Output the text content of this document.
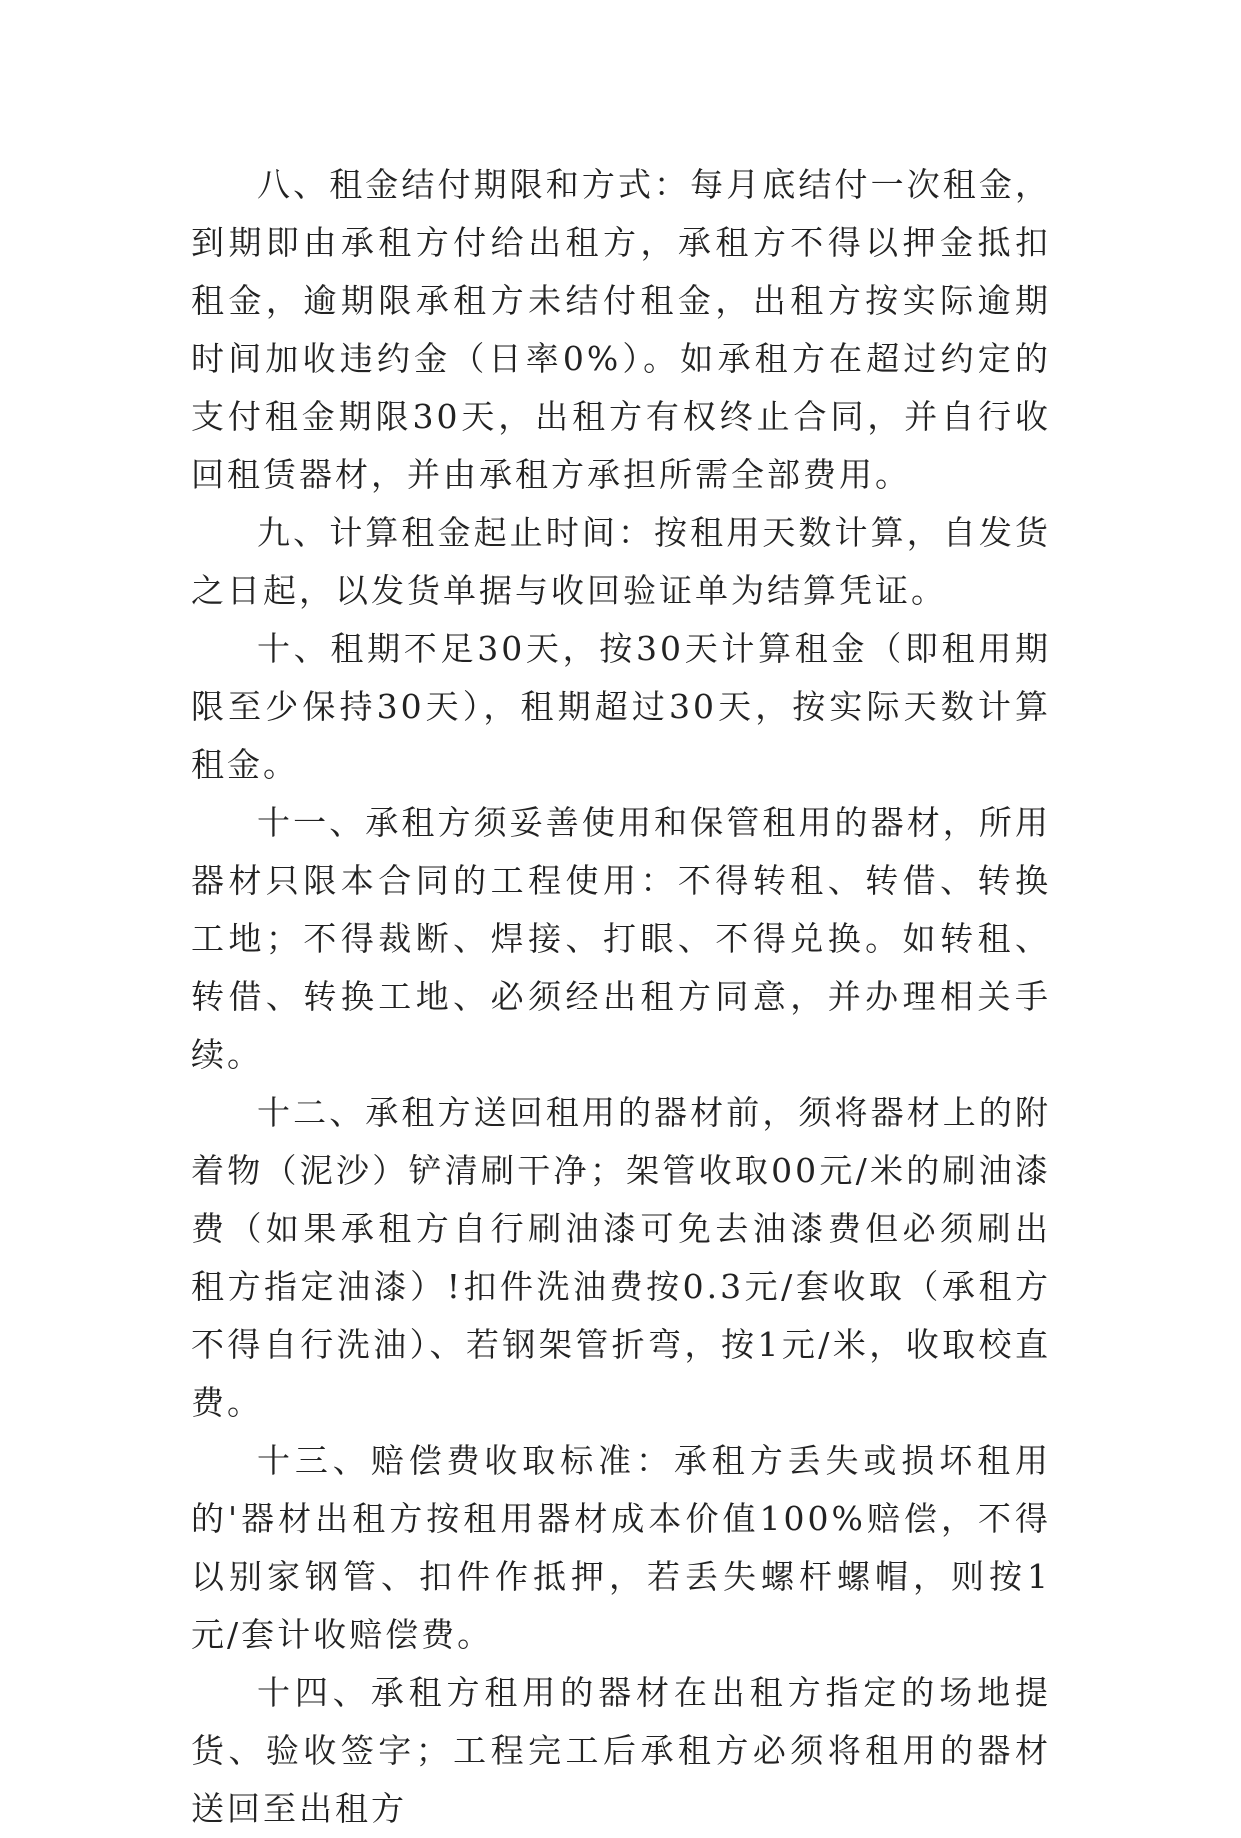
八、租金结付期限和方式：每月底结付一次租金，到期即由承租方付给出租方，承租方不得以押金抵扣租金，逾期限承租方未结付租金，出租方按实际逾期时间加收违约金（日率0%）。如承租方在超过约定的支付租金期限30天，出租方有权终止合同，并自行收回租赁器材，并由承租方承担所需全部费用。

九、计算租金起止时间：按租用天数计算，自发货之日起，以发货单据与收回验证单为结算凭证。

十、租期不足30天，按30天计算租金（即租用期限至少保持30天），租期超过30天，按实际天数计算租金。

十一、承租方须妥善使用和保管租用的器材，所用器材只限本合同的工程使用：不得转租、转借、转换工地；不得裁断、焊接、打眼、不得兑换。如转租、转借、转换工地、必须经出租方同意，并办理相关手续。

十二、承租方送回租用的器材前，须将器材上的附着物（泥沙）铲清刷干净；架管收取00元/米的刷油漆费（如果承租方自行刷油漆可免去油漆费但必须刷出租方指定油漆）!扣件洗油费按0.3元/套收取（承租方不得自行洗油）、若钢架管折弯，按1元/米，收取校直费。

十三、赔偿费收取标准：承租方丢失或损坏租用的'器材出租方按租用器材成本价值100%赔偿，不得以别家钢管、扣件作抵押，若丢失螺杆螺帽，则按1元/套计收赔偿费。

十四、承租方租用的器材在出租方指定的场地提货、验收签字；工程完工后承租方必须将租用的器材送回至出租方
